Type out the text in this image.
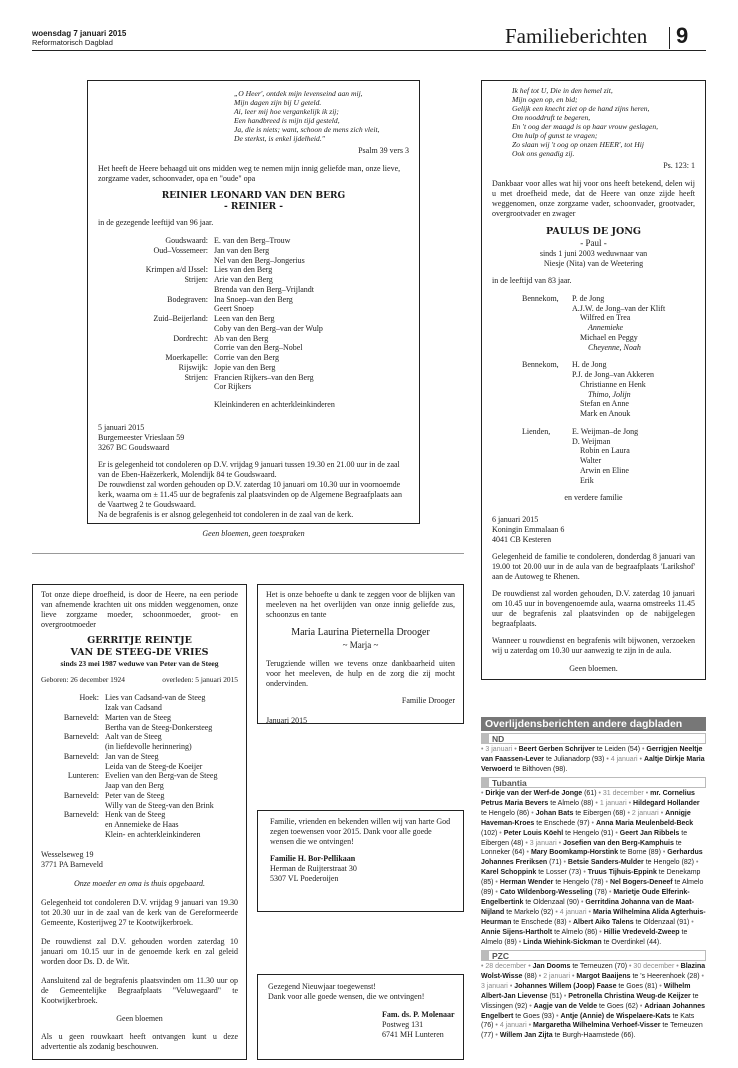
woensdag 7 januari 2015
Reformatorisch Dagblad	Familieberichten 9
„O Heer', ontdek mijn levenseind aan mij,
Mijn dagen zijn bij U geteld.
Ai, leer mij hoe vergankelijk ik zij;
Een handbreed is mijn tijd gesteld,
Ja, die is niets; want, schoon de mens zich vleit,
De sterkst, is enkel ijdelheid."
Psalm 39 vers 3
Het heeft de Heere behaagd uit ons midden weg te nemen mijn innig geliefde man, onze lieve, zorgzame vader, schoonvader, opa en "oude" opa
REINIER LEONARD VAN DEN BERG
- REINIER -
in de gezegende leeftijd van 96 jaar.
Goudswaard: E. van den Berg–Trouw
Oud–Vossemeer: Jan van den Berg
Nel van den Berg–Jongerius
Krimpen a/d IJssel: Lies van den Berg
Strijen: Arie van den Berg
Brenda van den Berg–Vrijlandt
Bodegraven: Ina Snoep–van den Berg
Geert Snoep
Zuid–Beijerland: Leen van den Berg
Coby van den Berg–van der Wulp
Dordrecht: Ab van den Berg
Corrie van den Berg–Nobel
Moerkapelle: Corrie van den Berg
Rijswijk: Jopie van den Berg
Strijen: Francien Rijkers–van den Berg
Cor Rijkers
Kleinkinderen en achterkleinkinderen
5 januari 2015
Burgemeester Vrieslaan 59
3267 BC Goudswaard
Er is gelegenheid tot condoleren op D.V. vrijdag 9 januari tussen 19.30 en 21.00 uur in de zaal van de Eben-Haëzerkerk, Molendijk 84 te Goudswaard.
De rouwdienst zal worden gehouden op D.V. zaterdag 10 januari om 10.30 uur in voornoemde kerk, waarna om ± 11.45 uur de begrafenis zal plaatsvinden op de Algemene Begraafplaats aan de Vaartweg 2 te Goudswaard.
Na de begrafenis is er alsnog gelegenheid tot condoleren in de zaal van de kerk.
Geen bloemen, geen toespraken
Ik hef tot U, Die in den hemel zit,
Mijn ogen op, en bid;
Gelijk een knecht ziet op de hand zijns heren,
Om nooddruft te begeren,
En 't oog der maagd is op haar vrouw geslagen,
Om hulp of gunst te vragen;
Zo slaan wij 't oog op onzen HEER', tot Hij
Ook ons genadig zij.
Ps. 123: 1
Dankbaar voor alles wat hij voor ons heeft betekend, delen wij u met droefheid mede, dat de Heere van onze zijde heeft weggenomen, onze zorgzame vader, schoonvader, grootvader, overgrootvader en zwager
PAULUS DE JONG
- Paul -
sinds 1 juni 2003 weduwnaar van
Niesje (Nita) van de Weetering
in de leeftijd van 83 jaar.
Bennekom,	P. de Jong
A.J.W. de Jong–van der Klift
Wilfred en Trea
Annemieke
Michael en Peggy
Cheyenne, Noah
Bennekom,	H. de Jong
P.J. de Jong–van Akkeren
Christianne en Henk
Thimo, Jolijn
Stefan en Anne
Mark en Anouk
Lienden,	E. Weijman–de Jong
D. Weijman
Robin en Laura
Walter
Arwin en Eline
Erik
en verdere familie
6 januari 2015
Koningin Emmalaan 6
4041 CB Kesteren
Gelegenheid de familie te condoleren, donderdag 8 januari van 19.00 tot 20.00 uur in de aula van de begraafplaats 'Larikshof' aan de Autoweg te Rhenen.
De rouwdienst zal worden gehouden, D.V. zaterdag 10 januari om 10.45 uur in bovengenoemde aula, waarna omstreeks 11.45 uur de begrafenis zal plaatsvinden op de nabijgelegen begraafplaats.
Wanneer u rouwdienst en begrafenis wilt bijwonen, verzoeken wij u zaterdag om 10.30 uur aanwezig te zijn in de aula.
Geen bloemen.
Tot onze diepe droefheid, is door de Heere, na een periode van afnemende krachten uit ons midden weggenomen, onze lieve zorgzame moeder, schoonmoeder, groot- en overgrootmoeder
GERRITJE REINTJE
VAN DE STEEG-DE VRIES
sinds 23 mei 1987 weduwe van Peter van de Steeg
Geboren: 26 december 1924	overleden: 5 januari 2015
Hoek: Lies van Cadsand-van de Steeg
Izak van Cadsand
Barneveld: Marten van de Steeg
Bertha van de Steeg-Donkersteeg
Barneveld: Aalt van de Steeg
(in liefdevolle herinnering)
Barneveld: Jan van de Steeg
Leida van de Steeg-de Koeijer
Lunteren: Evelien van den Berg-van de Steeg
Jaap van den Berg
Barneveld: Peter van de Steeg
Willy van de Steeg-van den Brink
Barneveld: Henk van de Steeg
en Annemieke de Haas
Klein- en achterkleinkinderen
Wesselseweg 19
3771 PA Barneveld
Onze moeder en oma is thuis opgebaard.
Gelegenheid tot condoleren D.V. vrijdag 9 januari van 19.30 tot 20.30 uur in de zaal van de kerk van de Gereformeerde Gemeente, Kosterijweg 27 te Kootwijkerbroek.
De rouwdienst zal D.V. gehouden worden zaterdag 10 januari om 10.15 uur in de genoemde kerk en zal geleid worden door Ds. D. de Wit.
Aansluitend zal de begrafenis plaatsvinden om 11.30 uur op de Gemeentelijke Begraafplaats "Veluwegaard" te Kootwijkerbroek.
Geen bloemen
Als u geen rouwkaart heeft ontvangen kunt u deze advertentie als zodanig beschouwen.
Het is onze behoefte u dank te zeggen voor de blijken van meeleven na het overlijden van onze innig geliefde zus, schoonzus en tante
Maria Laurina Pieternella Drooger
~ Marja ~
Terugziende willen we tevens onze dankbaarheid uiten voor het meeleven, de hulp en de zorg die zij mocht ondervinden.
Familie Drooger
Januari 2015
Familie, vrienden en bekenden willen wij van harte God zegen toewensen voor 2015. Dank voor alle goede wensen die we ontvingen!
Familie H. Bor-Pellikaan
Herman de Ruijterstraat 30
5307 VL Poederoijen
Gezegend Nieuwjaar toegewenst!
Dank voor alle goede wensen, die we ontvingen!
Fam. ds. P. Molenaar
Postweg 131
6741 MH Lunteren
Overlijdensberichten andere dagbladen
ND
• 3 januari • Beert Gerben Schrijver te Leiden (54) • Gerrigjen Neeltje van Faassen-Lever te Julianadorp (93) • 4 januari • Aaltje Dirkje Maria Verwoerd te Bilthoven (98).
Tubantia
• Dirkje van der Werf-de Jonge (61) • 31 december • mr. Cornelius Petrus Maria Bevers te Almelo (88) • 1 januari • Hildegard Hollander te Hengelo (86) • Johan Bats te Eibergen (68) • 2 januari • Annigje Haveman-Kroes te Enschede (97) • Anna Maria Meulenbeld-Beck (102) • Peter Louis Köehl te Hengelo (91) • Geert Jan Ribbels te Eibergen (48) • 3 januari • Josefien van den Berg-Kamphuis te Lonneker (64) • Mary Boomkamp-Horstink te Borne (89) • Gerhardus Johannes Freriksen (71) • Betsie Sanders-Mulder te Hengelo (82) • Karel Schoppink te Losser (73) • Truus Tijhuis-Eppink te Denekamp (85) • Herman Wender te Hengelo (78) • Nel Bogers-Deneef te Almelo (89) • Cato Wildenborg-Wesseling (78) • Marietje Oude Elferink-Engelbertink te Oldenzaal (90) • Gerritdina Johanna van de Maat-Nijland te Markelo (92) • 4 januari • Maria Wilhelmina Alida Agterhuis-Heurman te Enschede (83) • Albert Aiko Talens te Oldenzaal (91) • Annie Sijens-Hartholt te Almelo (86) • Hillie Vredeveld-Zweep te Almelo (89) • Linda Wiehink-Sickman te Overdinkel (44).
PZC
• 28 december • Jan Dooms te Terneuzen (70) • 30 december • Blazina Wolst-Wisse (88) • 2 januari • Margot Baaijens te 's Heerenhoek (28) • 3 januari • Johannes Willem (Joop) Faase te Goes (81) • Wilhelm Albert-Jan Lievense (51) • Petronella Christina Weug-de Keijzer te Vlissingen (92) • Aagje van de Velde te Goes (62) • Adriaan Johannes Engelbert te Goes (93) • Antje (Annie) de Wispelaere-Kats te Kats (76) • 4 januari • Margaretha Wilhelmina Verhoef-Visser te Terneuzen (77) • Willem Jan Zijta te Burgh-Haamstede (66).
